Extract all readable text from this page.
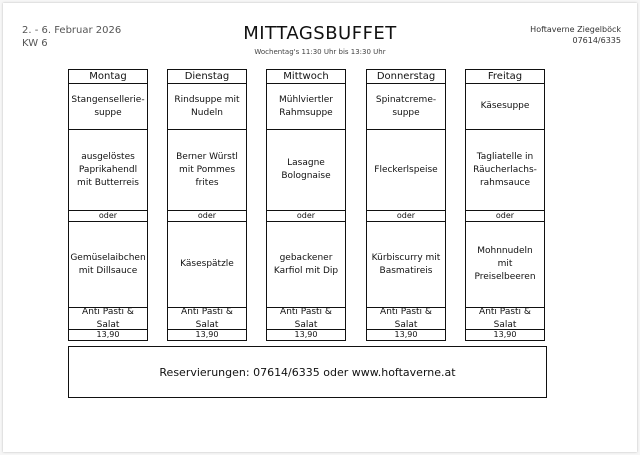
2. - 6. Februar 2026
KW 6	MITTAGSBUFFET
Wochentag's 11:30 Uhr bis 13:30 Uhr
Hoftaverne Ziegelböck
07614/6335
Montag
Stangensellerie-suppe
ausgelöstes Paprikahendl mit Butterreis
oder
Gemüselaibchen mit Dillsauce
Anti Pasti & Salat
13,90
Dienstag
Rindsuppe mit Nudeln
Berner Würstl mit Pommes frites
oder
Käsespätzle
Anti Pasti & Salat
13,90
Mittwoch
Mühlviertler Rahmsuppe
Lasagne Bolognaise
oder
gebackener Karfiol mit Dip
Anti Pasti & Salat
13,90
Donnerstag
Spinatcreme-suppe
Fleckerlspeise
oder
Kürbiscurry mit Basmatireis
Anti Pasti & Salat
13,90
Freitag
Käsesuppe
Tagliatelle in Räucherlachs-rahmsauce
oder
Mohnnudeln mit Preiselbeeren
Anti Pasti & Salat
13,90
Reservierungen: 07614/6335 oder www.hoftaverne.at
